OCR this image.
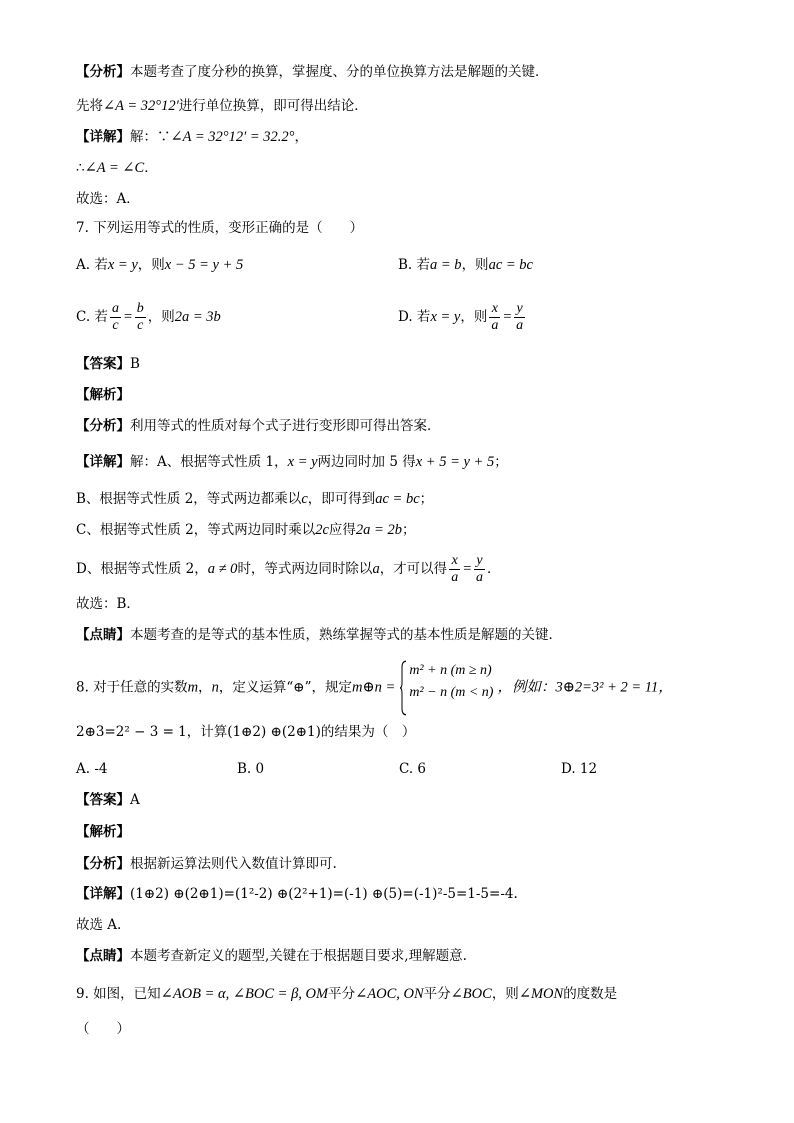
【分析】本题考查了度分秒的换算，掌握度、分的单位换算方法是解题的关键．
先将∠A = 32°12′进行单位换算，即可得出结论．
【详解】解：∵∠A = 32°12′ = 32.2°，
∴∠A = ∠C．
故选：A．
7. 下列运用等式的性质，变形正确的是（　　）
A. 若x = y，则x − 5 = y + 5	B. 若a = b，则ac = bc
C. 若 $\frac{a}{c} = \frac{b}{c}$ ，则2a = 3b	D. 若x = y，则 $\frac{x}{a} = \frac{y}{a}$
【答案】B
【解析】
【分析】利用等式的性质对每个式子进行变形即可得出答案．
【详解】解：A、根据等式性质 1，x = y两边同时加 5 得x + 5 = y + 5；
B、根据等式性质 2，等式两边都乘以c，即可得到ac = bc；
C、根据等式性质 2，等式两边同时乘以2c应得2a = 2b；
D、根据等式性质 2，a ≠ 0时，等式两边同时除以a，才可以得 $\frac{x}{a} = \frac{y}{a}$ ．
故选：B．
【点睛】本题考查的是等式的基本性质，熟练掌握等式的基本性质是解题的关键．
8. 对于任意的实数m，n，定义运算“⊕”，规定m⊕n =
m² + n (m ≥ n)
m² − n (m < n) ，例如：3⊕2=3² + 2 = 11，
2⊕3=2² − 3 = 1，计算(1⊕2) ⊕(2⊕1)的结果为（　）
A. -4	B. 0	C. 6	D. 12
【答案】A
【解析】
【分析】根据新运算法则代入数值计算即可.
【详解】(1⊕2) ⊕(2⊕1)=(1²-2) ⊕(2²+1)=(-1) ⊕(5)=(-1)²-5=1-5=-4.
故选 A.
【点睛】本题考查新定义的题型,关键在于根据题目要求,理解题意.
9. 如图，已知∠AOB = α, ∠BOC = β, OM平分∠AOC, ON平分∠BOC，则∠MON的度数是
（　　）
